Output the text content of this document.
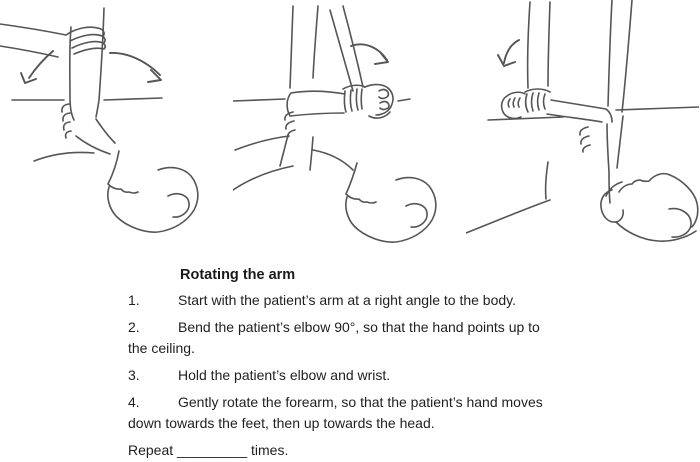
Rotating the arm

1.	Start with the patient’s arm at a right angle to the body.

2.	Bend the patient’s elbow 90°, so that the hand points up to
the ceiling.

3.	Hold the patient’s elbow and wrist.

4.	Gently rotate the forearm, so that the patient’s hand moves
down towards the feet, then up towards the head.

Repeat _________ times.
